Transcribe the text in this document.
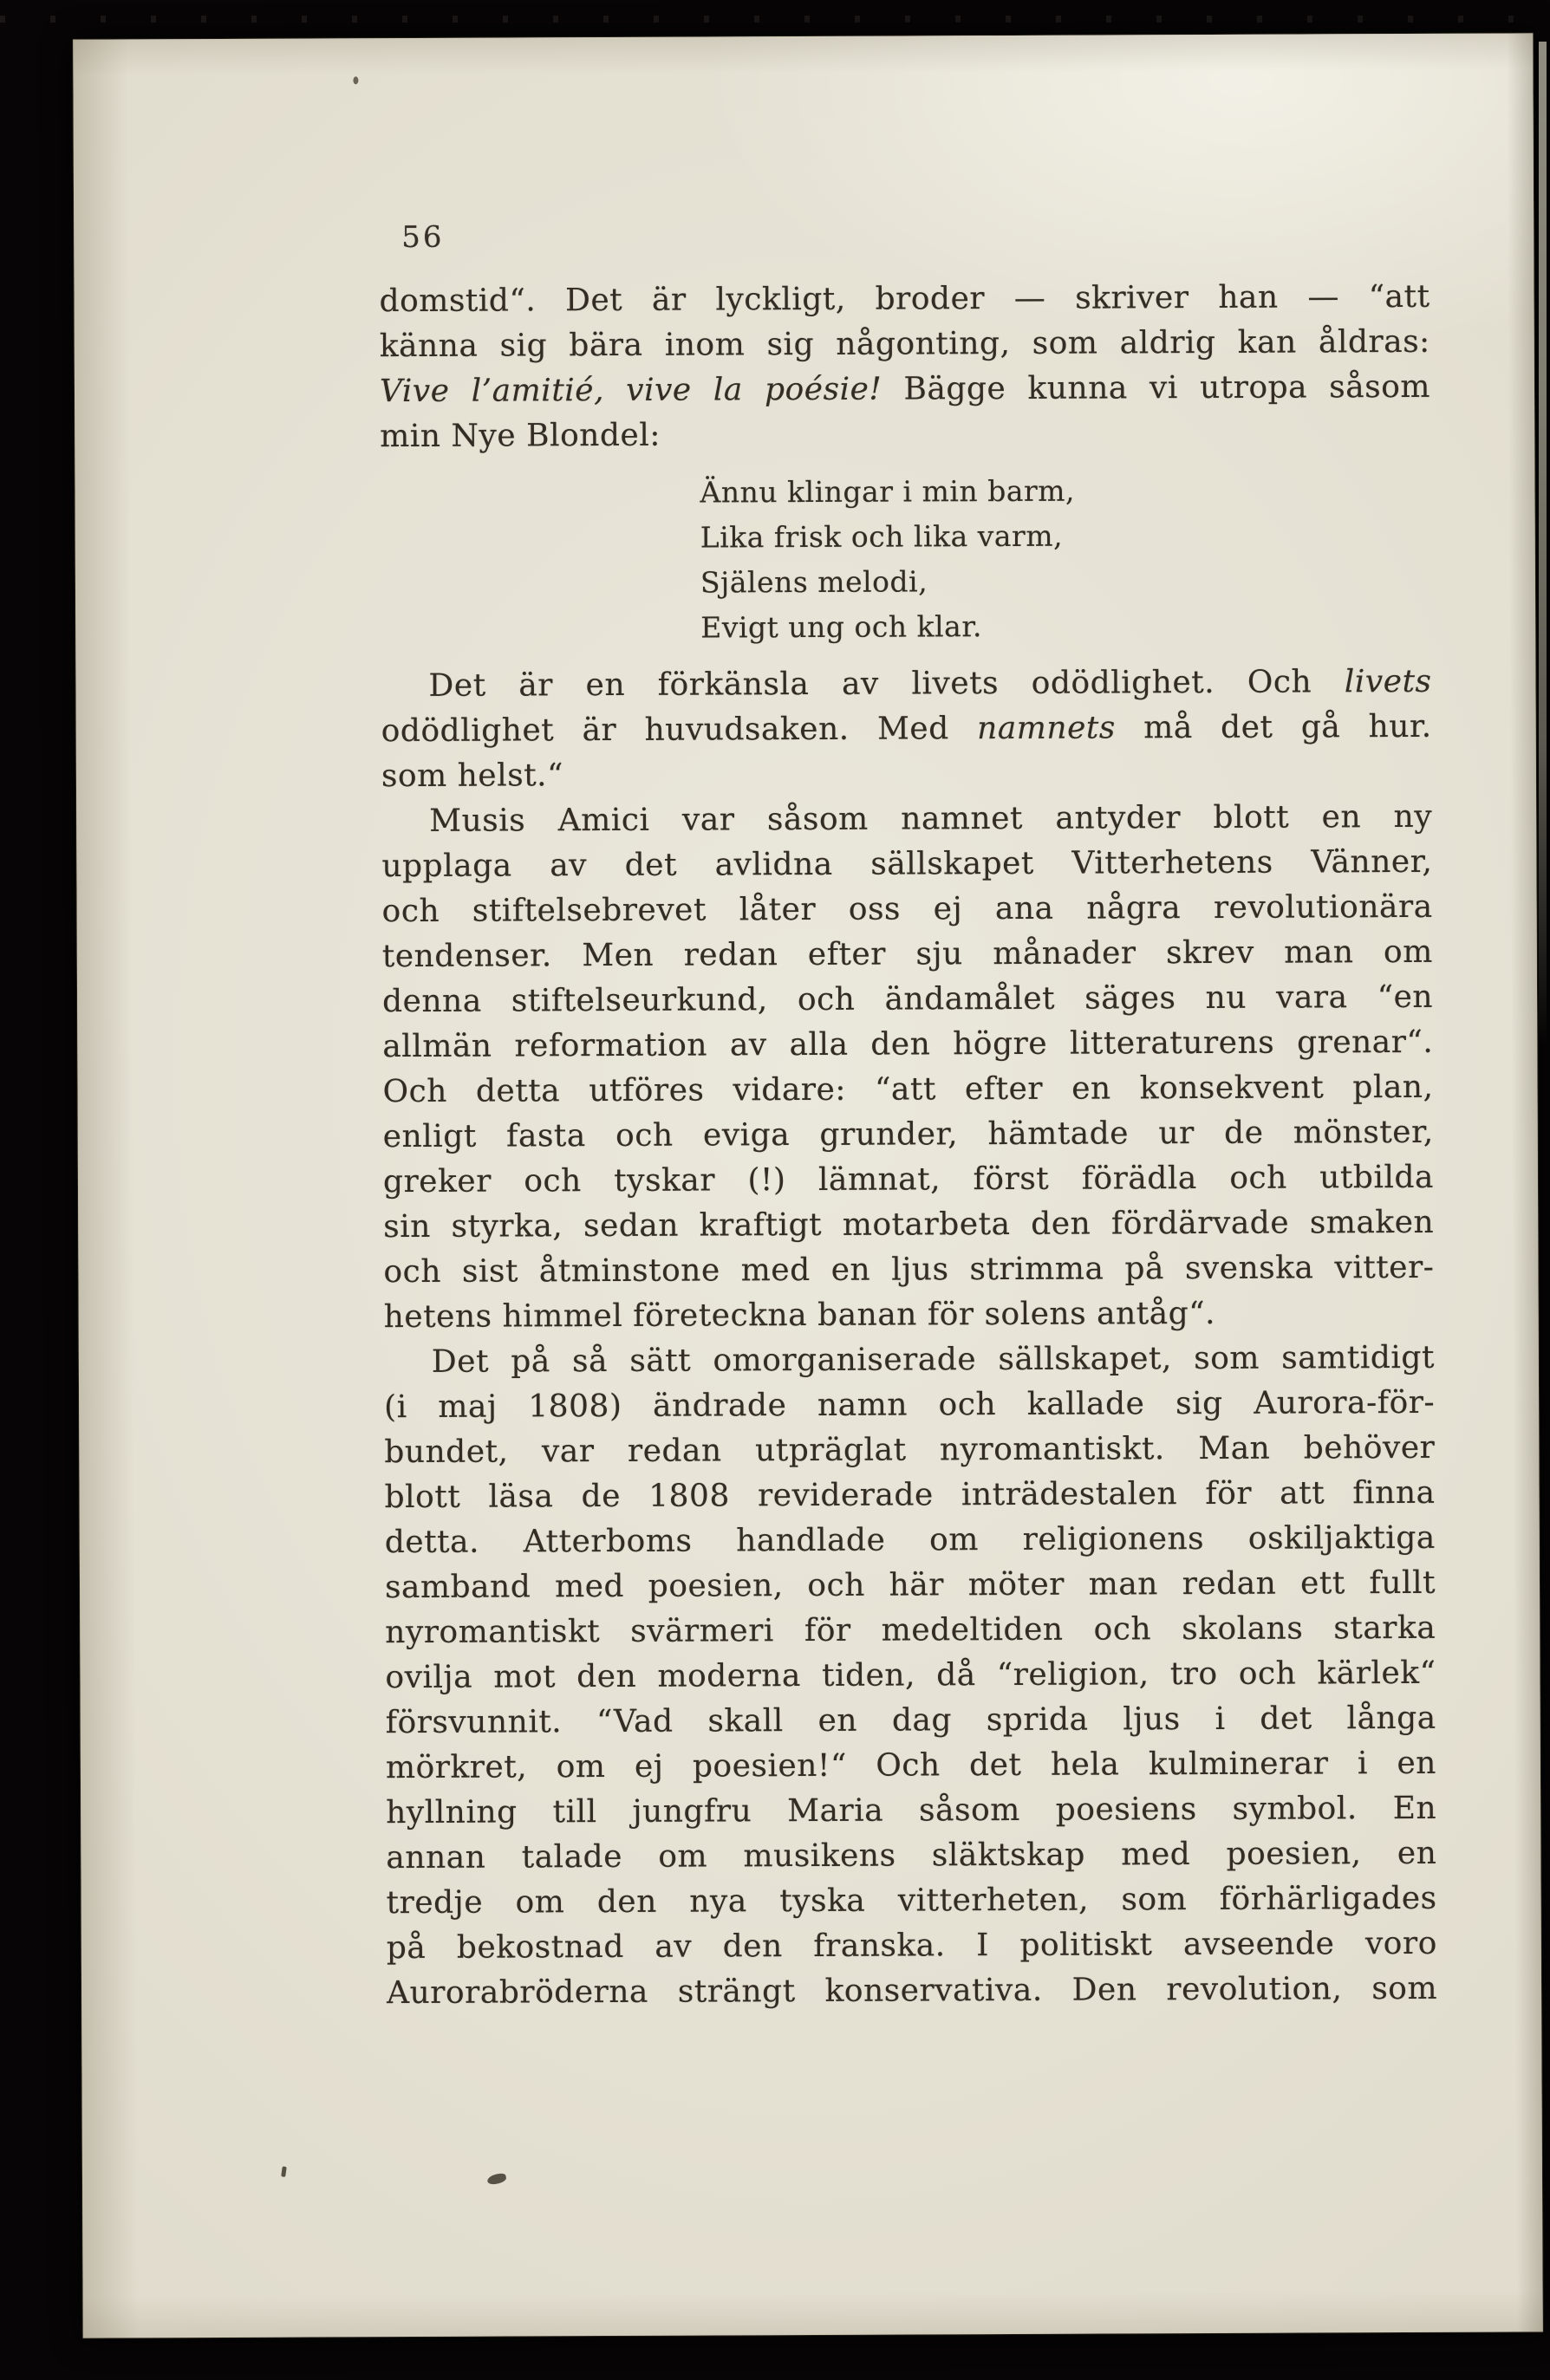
56
domstid“. Det är lyckligt, broder — skriver han — “att
känna sig bära inom sig någonting, som aldrig kan åldras:
Vive l’amitié, vive la poésie! Bägge kunna vi utropa såsom
min Nye Blondel:
Ännu klingar i min barm,
Lika frisk och lika varm,
Själens melodi,
Evigt ung och klar.
Det är en förkänsla av livets odödlighet. Och livets
odödlighet är huvudsaken. Med namnets må det gå hur.
som helst.“
Musis Amici var såsom namnet antyder blott en ny
upplaga av det avlidna sällskapet Vitterhetens Vänner,
och stiftelsebrevet låter oss ej ana några revolutionära
tendenser. Men redan efter sju månader skrev man om
denna stiftelseurkund, och ändamålet säges nu vara “en
allmän reformation av alla den högre litteraturens grenar“.
Och detta utföres vidare: “att efter en konsekvent plan,
enligt fasta och eviga grunder, hämtade ur de mönster,
greker och tyskar (!) lämnat, först förädla och utbilda
sin styrka, sedan kraftigt motarbeta den fördärvade smaken
och sist åtminstone med en ljus strimma på svenska vitter-
hetens himmel företeckna banan för solens antåg“.
Det på så sätt omorganiserade sällskapet, som samtidigt
(i maj 1808) ändrade namn och kallade sig Aurora-för-
bundet, var redan utpräglat nyromantiskt. Man behöver
blott läsa de 1808 reviderade inträdestalen för att finna
detta. Atterboms handlade om religionens oskiljaktiga
samband med poesien, och här möter man redan ett fullt
nyromantiskt svärmeri för medeltiden och skolans starka
ovilja mot den moderna tiden, då “religion, tro och kärlek“
försvunnit. “Vad skall en dag sprida ljus i det långa
mörkret, om ej poesien!“ Och det hela kulminerar i en
hyllning till jungfru Maria såsom poesiens symbol. En
annan talade om musikens släktskap med poesien, en
tredje om den nya tyska vitterheten, som förhärligades
på bekostnad av den franska. I politiskt avseende voro
Aurorabröderna strängt konservativa. Den revolution, som
